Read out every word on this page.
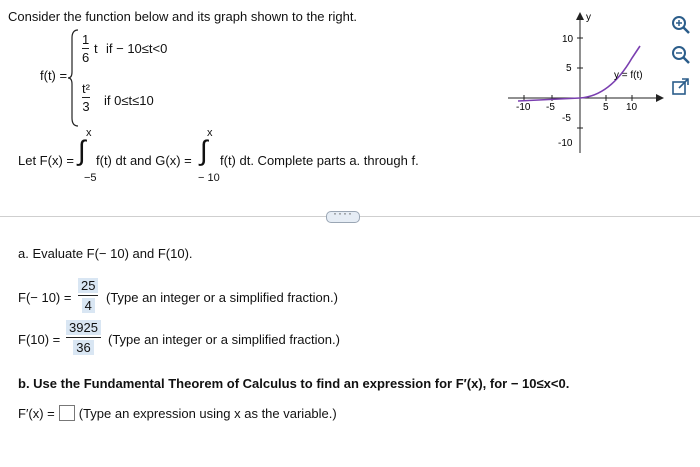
Consider the function below and its graph shown to the right.
f(t) =
1
6
t if − 10≤t<0
t²
3 if 0≤t≤10
Let F(x) =
x
∫
−5
f(t) dt and G(x) =
x
∫
− 10
f(t) dt. Complete parts a. through f.
y
10
5
-5
-10
-10 -5	5 10
y = f(t)
····
a. Evaluate F(− 10) and F(10).
F(− 10) =
25
4
(Type an integer or a simplified fraction.)
F(10) =
3925
36
(Type an integer or a simplified fraction.)
b. Use the Fundamental Theorem of Calculus to find an expression for F′(x), for − 10≤x<0.
F′(x) = (Type an expression using x as the variable.)
